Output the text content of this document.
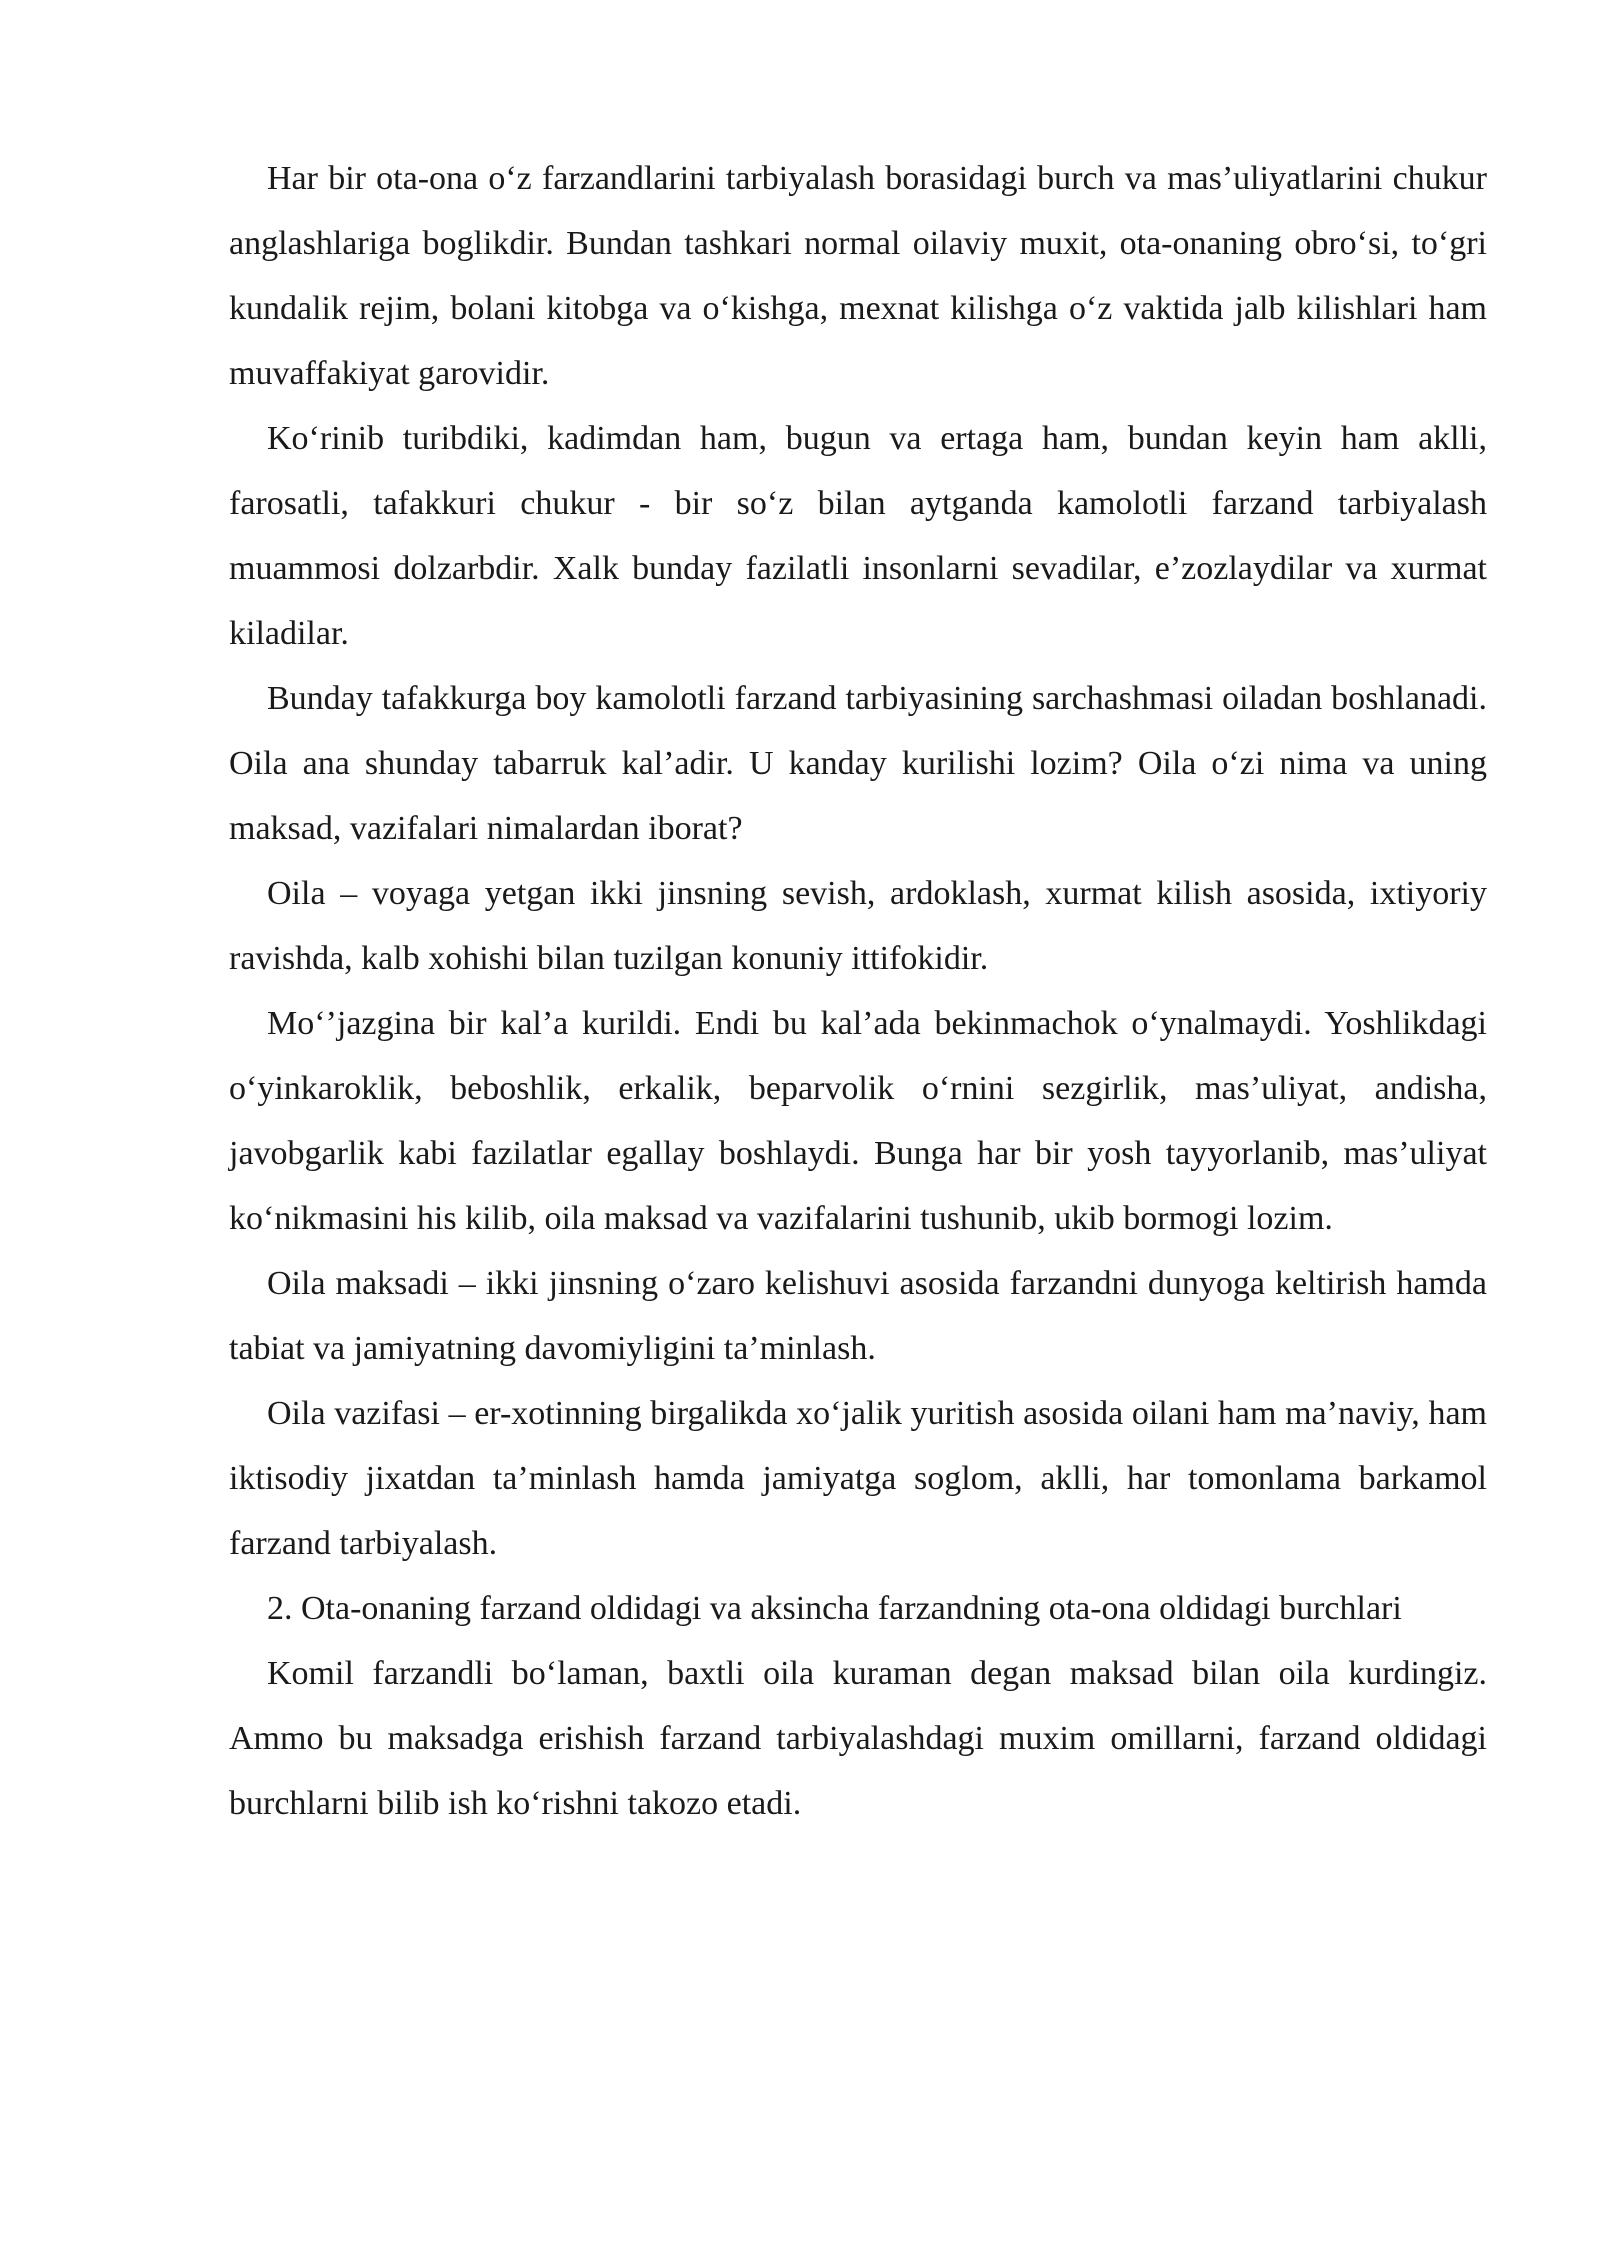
Har bir ota-ona o‘z farzandlarini tarbiyalash borasidagi burch va mas’uliyatlarini chukur anglashlariga boglikdir. Bundan tashkari normal oilaviy muxit, ota-onaning obro‘si, to‘gri kundalik rejim, bolani kitobga va o‘kishga, mexnat kilishga o‘z vaktida jalb kilishlari ham muvaffakiyat garovidir.

Ko‘rinib turibdiki, kadimdan ham, bugun va ertaga ham, bundan keyin ham aklli, farosatli, tafakkuri chukur - bir so‘z bilan aytganda kamolotli farzand tarbiyalash muammosi dolzarbdir. Xalk bunday fazilatli insonlarni sevadilar, e’zozlaydilar va xurmat kiladilar.

Bunday tafakkurga boy kamolotli farzand tarbiyasining sarchashmasi oiladan boshlanadi. Oila ana shunday tabarruk kal’adir. U kanday kurilishi lozim? Oila o‘zi nima va uning maksad, vazifalari nimalardan iborat?

Oila – voyaga yetgan ikki jinsning sevish, ardoklash, xurmat kilish asosida, ixtiyoriy ravishda, kalb xohishi bilan tuzilgan konuniy ittifokidir.

Mo‘’jazgina bir kal’a kurildi. Endi bu kal’ada bekinmachok o‘ynalmaydi. Yoshlikdagi o‘yinkaroklik, beboshlik, erkalik, beparvolik o‘rnini sezgirlik, mas’uliyat, andisha, javobgarlik kabi fazilatlar egallay boshlaydi. Bunga har bir yosh tayyorlanib, mas’uliyat ko‘nikmasini his kilib, oila maksad va vazifalarini tushunib, ukib bormogi lozim.

Oila maksadi – ikki jinsning o‘zaro kelishuvi asosida farzandni dunyoga keltirish hamda tabiat va jamiyatning davomiyligini ta’minlash.

Oila vazifasi – er-xotinning birgalikda xo‘jalik yuritish asosida oilani ham ma’naviy, ham iktisodiy jixatdan ta’minlash hamda jamiyatga soglom, aklli, har tomonlama barkamol farzand tarbiyalash.

2. Ota-onaning farzand oldidagi va aksincha farzandning ota-ona oldidagi burchlari

Komil farzandli bo‘laman, baxtli oila kuraman degan maksad bilan oila kurdingiz. Ammo bu maksadga erishish farzand tarbiyalashdagi muxim omillarni, farzand oldidagi burchlarni bilib ish ko‘rishni takozo etadi.
